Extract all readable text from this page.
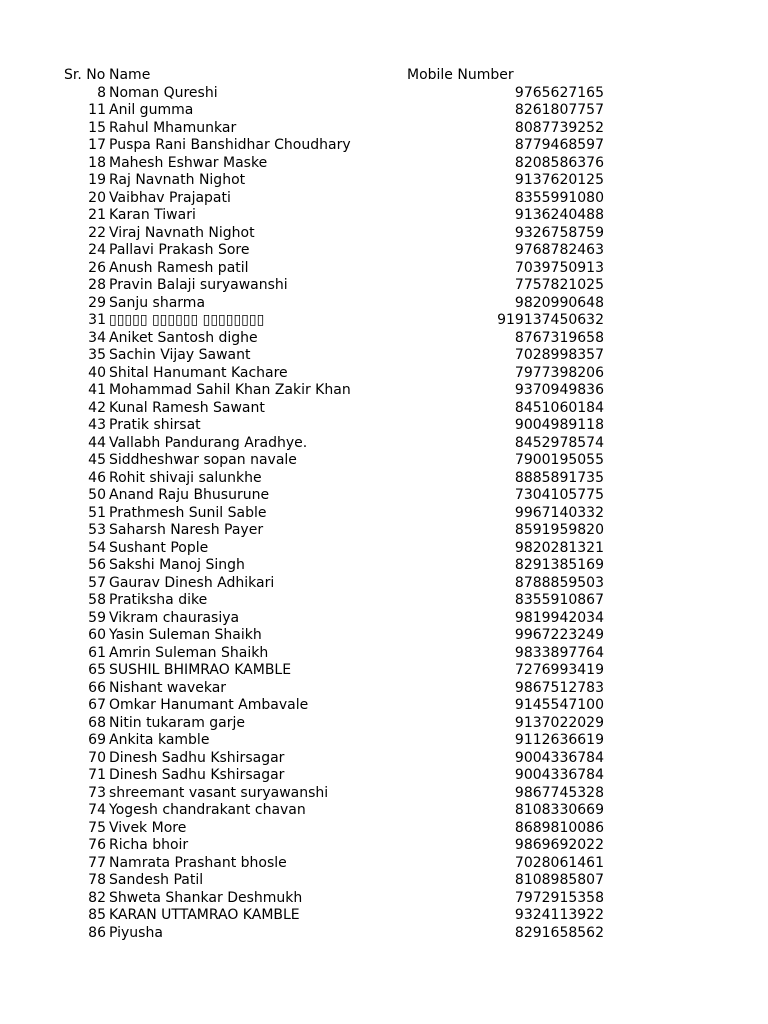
Sr. No Name	Mobile Number
8 Noman Qureshi	9765627165
11 Anil gumma	8261807757
15 Rahul Mhamunkar	8087739252
17 Puspa Rani Banshidhar Choudhary	8779468597
18 Mahesh Eshwar Maske	8208586376
19 Raj Navnath Nighot	9137620125
20 Vaibhav Prajapati	8355991080
21 Karan Tiwari	9136240488
22 Viraj Navnath Nighot	9326758759
24 Pallavi Prakash Sore	9768782463
26 Anush Ramesh patil	7039750913
28 Pravin Balaji suryawanshi	7757821025
29 Sanju sharma	9820990648
31 ▯▯▯▯▯ ▯▯▯▯▯▯ ▯▯▯▯▯▯▯▯	919137450632
34 Aniket Santosh dighe	8767319658
35 Sachin Vijay Sawant	7028998357
40 Shital Hanumant Kachare	7977398206
41 Mohammad Sahil Khan Zakir Khan	9370949836
42 Kunal Ramesh Sawant	8451060184
43 Pratik shirsat	9004989118
44 Vallabh Pandurang Aradhye.	8452978574
45 Siddheshwar sopan navale	7900195055
46 Rohit shivaji salunkhe	8885891735
50 Anand Raju Bhusurune	7304105775
51 Prathmesh Sunil Sable	9967140332
53 Saharsh Naresh Payer	8591959820
54 Sushant Pople	9820281321
56 Sakshi Manoj Singh	8291385169
57 Gaurav Dinesh Adhikari	8788859503
58 Pratiksha dike	8355910867
59 Vikram chaurasiya	9819942034
60 Yasin Suleman Shaikh	9967223249
61 Amrin Suleman Shaikh	9833897764
65 SUSHIL BHIMRAO KAMBLE	7276993419
66 Nishant wavekar	9867512783
67 Omkar Hanumant Ambavale	9145547100
68 Nitin tukaram garje	9137022029
69 Ankita kamble	9112636619
70 Dinesh Sadhu Kshirsagar	9004336784
71 Dinesh Sadhu Kshirsagar	9004336784
73 shreemant vasant suryawanshi	9867745328
74 Yogesh chandrakant chavan	8108330669
75 Vivek More	8689810086
76 Richa bhoir	9869692022
77 Namrata Prashant bhosle	7028061461
78 Sandesh Patil	8108985807
82 Shweta Shankar Deshmukh	7972915358
85 KARAN UTTAMRAO KAMBLE	9324113922
86 Piyusha	8291658562
